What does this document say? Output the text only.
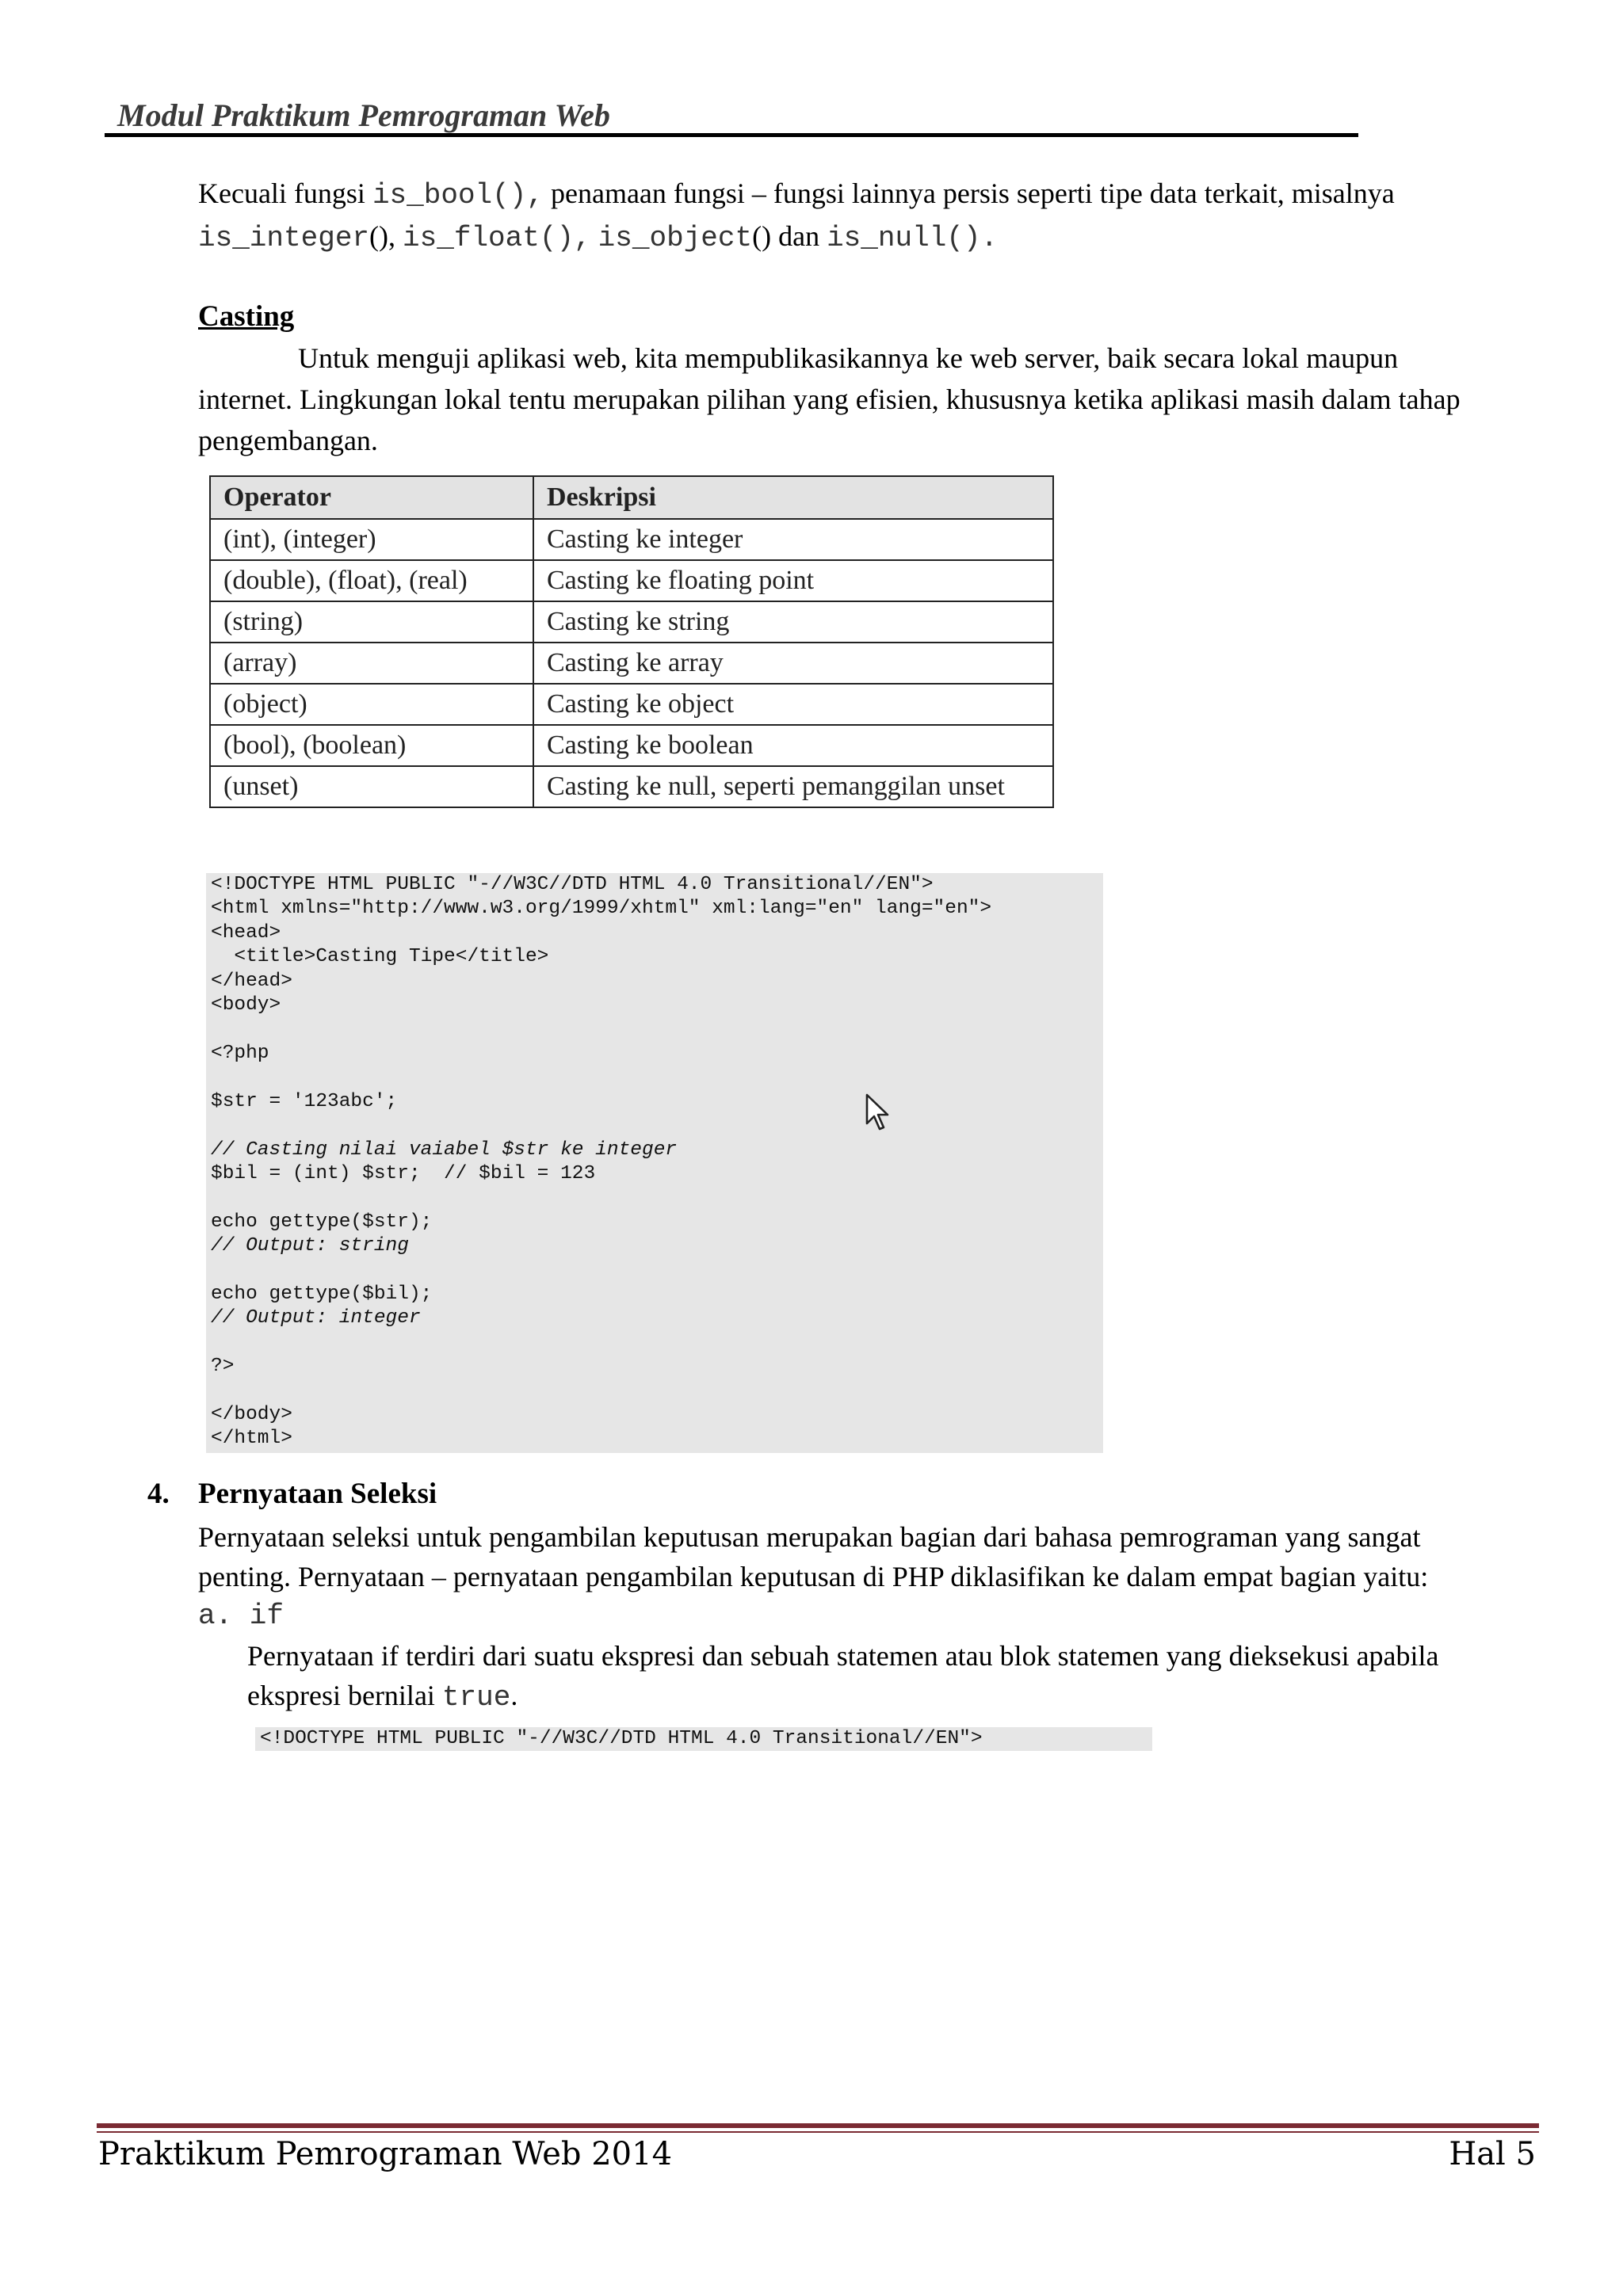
Modul Praktikum Pemrograman Web
Kecuali fungsi is_bool(), penamaan fungsi – fungsi lainnya persis seperti tipe data terkait, misalnya
is_integer(), is_float(), is_object() dan is_null().
Casting
Untuk menguji aplikasi web, kita mempublikasikannya ke web server, baik secara lokal maupun
internet. Lingkungan lokal tentu merupakan pilihan yang efisien, khususnya ketika aplikasi masih dalam tahap
pengembangan.
Operator	Deskripsi
(int), (integer)	Casting ke integer
(double), (float), (real)	Casting ke floating point
(string)	Casting ke string
(array)	Casting ke array
(object)	Casting ke object
(bool), (boolean)	Casting ke boolean
(unset)	Casting ke null, seperti pemanggilan unset
<!DOCTYPE HTML PUBLIC "-//W3C//DTD HTML 4.0 Transitional//EN">
<html xmlns="http://www.w3.org/1999/xhtml" xml:lang="en" lang="en">
<head>
<title>Casting Tipe</title>
</head>
<body>
<?php
$str = '123abc';
// Casting nilai vaiabel $str ke integer
$bil = (int) $str;  // $bil = 123
echo gettype($str);
// Output: string
echo gettype($bil);
// Output: integer
?>
</body>
</html>
4. Pernyataan Seleksi
Pernyataan seleksi untuk pengambilan keputusan merupakan bagian dari bahasa pemrograman yang sangat
penting. Pernyataan – pernyataan pengambilan keputusan di PHP diklasifikan ke dalam empat bagian yaitu:
a. if
Pernyataan if terdiri dari suatu ekspresi dan sebuah statemen atau blok statemen yang dieksekusi apabila
ekspresi bernilai true.
<!DOCTYPE HTML PUBLIC "-//W3C//DTD HTML 4.0 Transitional//EN">
Praktikum Pemrograman Web 2014	Hal 5
